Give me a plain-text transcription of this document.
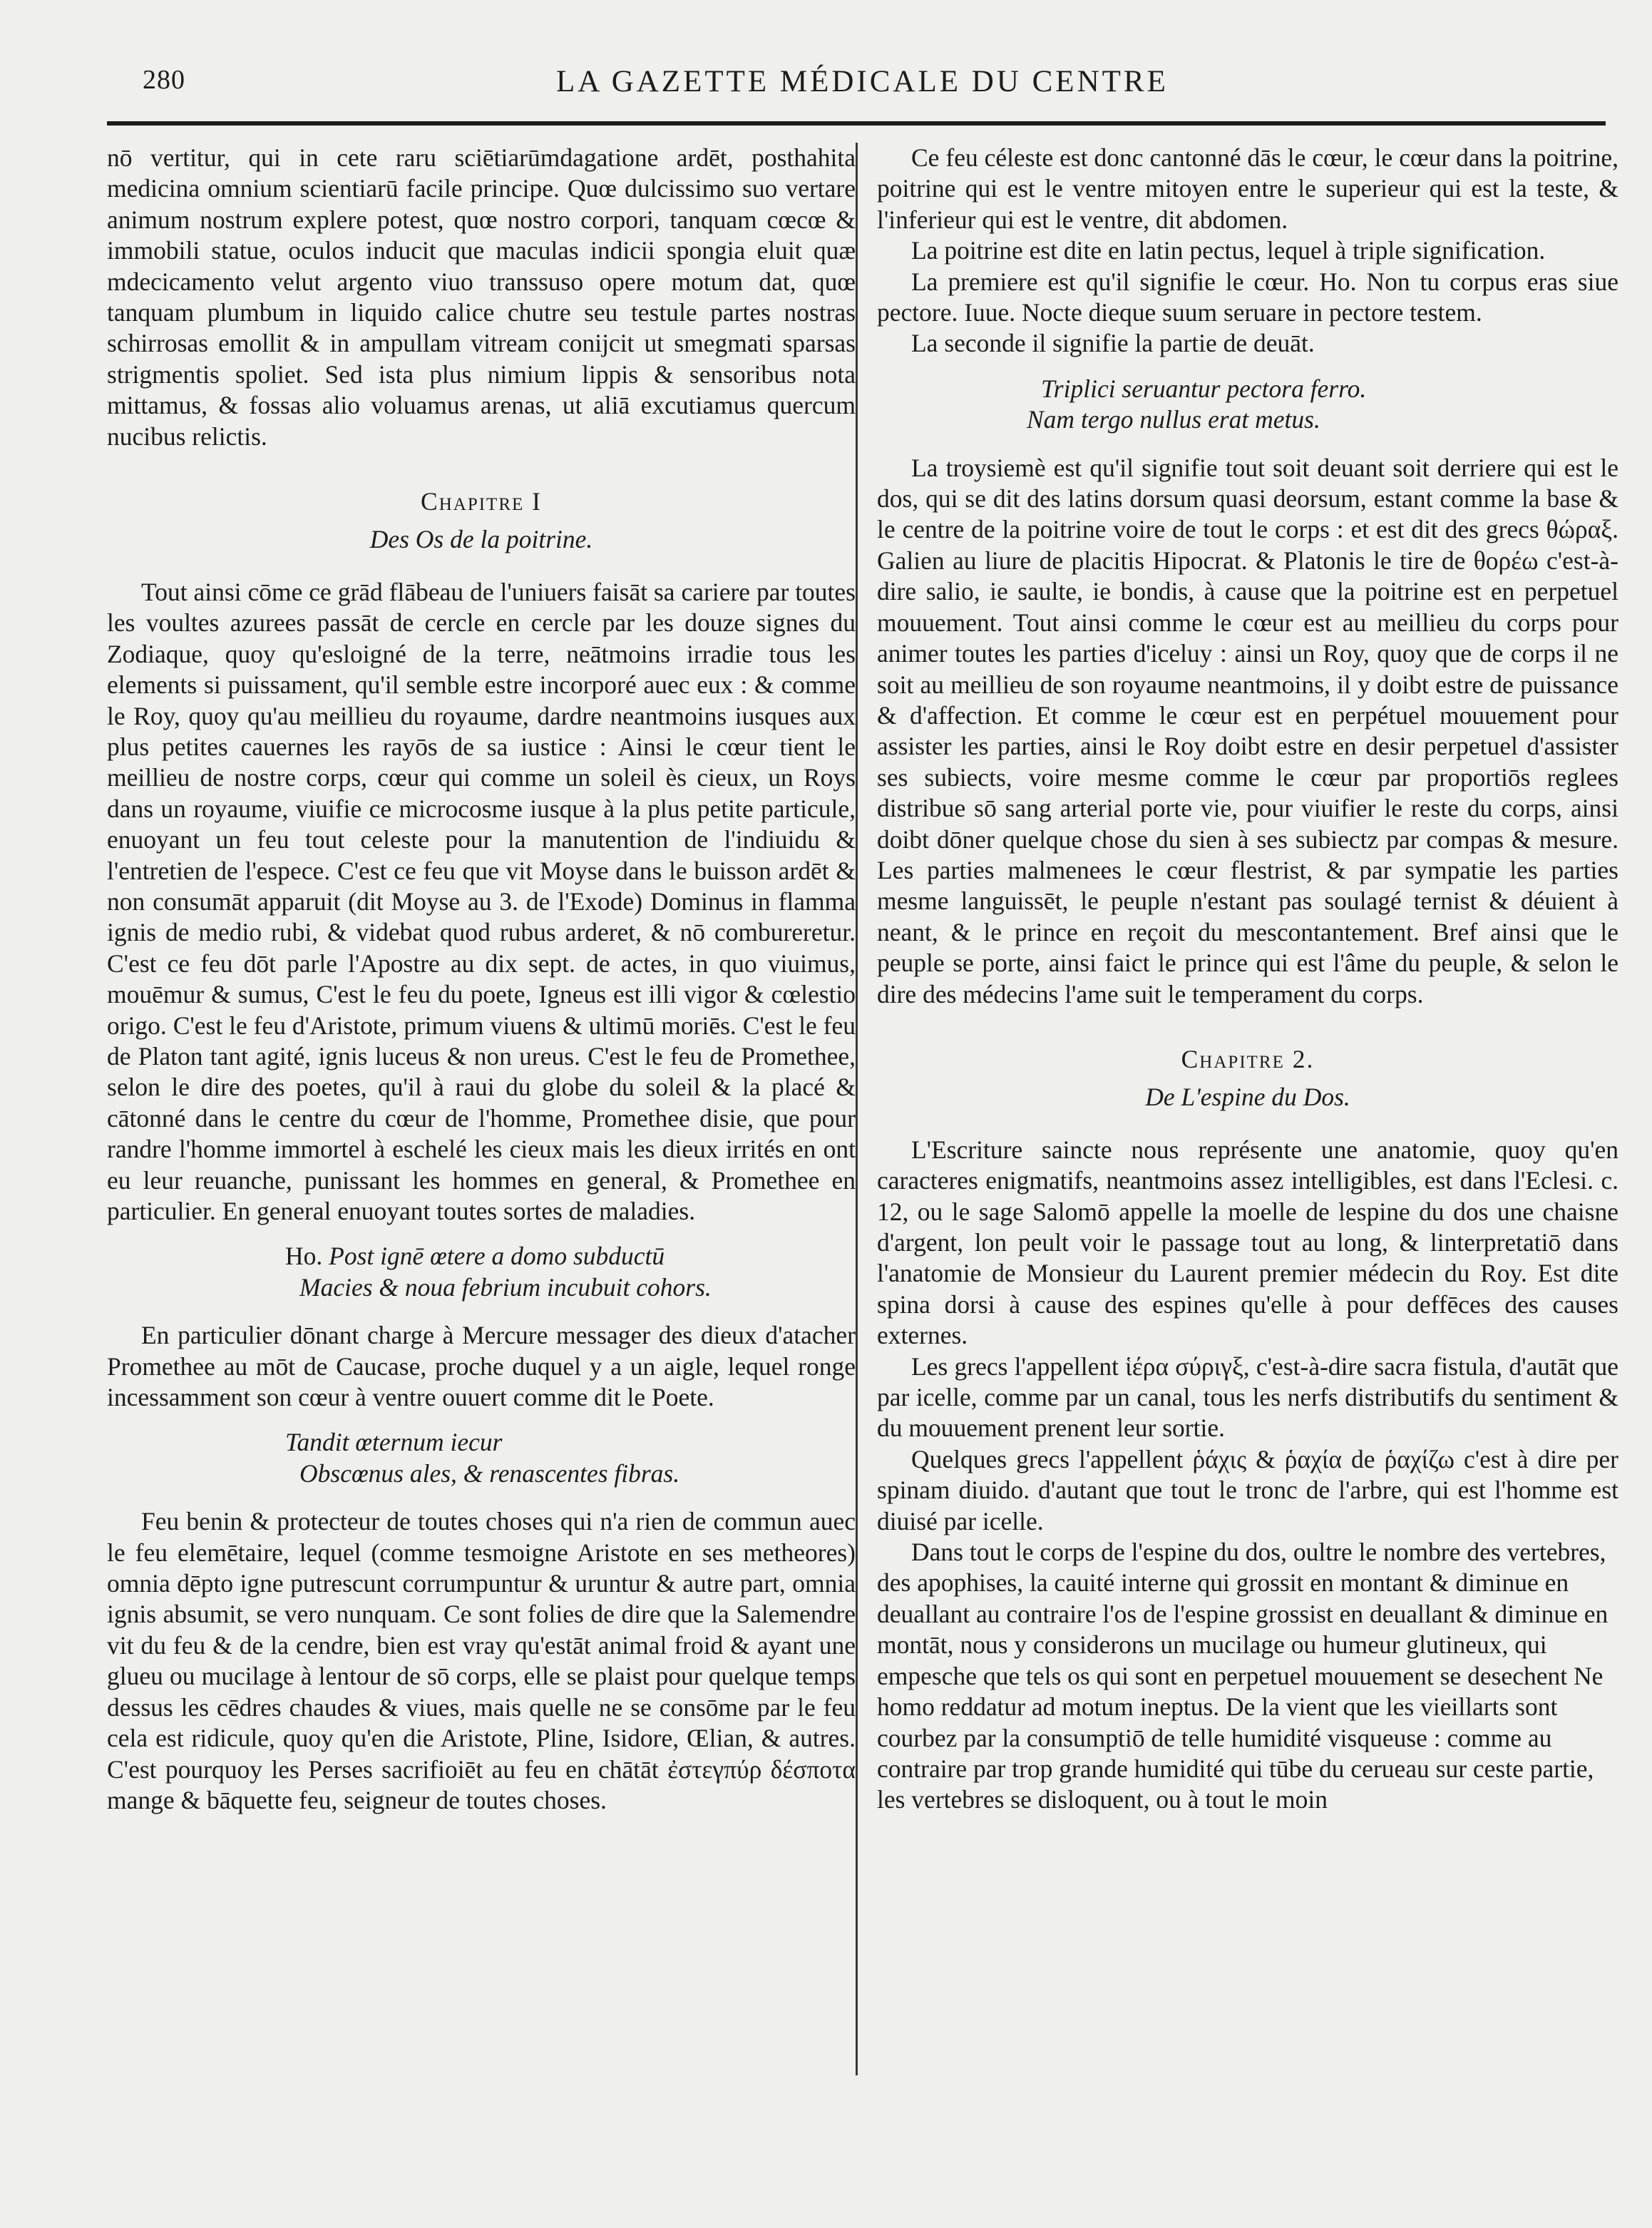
280	LA GAZETTE MÉDICALE DU CENTRE

nō vertitur, qui in cete raru sciētiarūmdagatione ardēt, posthahita medicina omnium scientiarū facile principe. Quœ dulcissimo suo vertare animum nostrum explere potest, quœ nostro corpori, tanquam cœcœ & immobili statue, oculos inducit que maculas indicii spongia eluit quæ mdecicamento velut argento viuo transsuso opere motum dat, quœ tanquam plumbum in liquido calice chutre seu testule partes nostras schirrosas emollit & in ampullam vitream conijcit ut smegmati sparsas strigmentis spoliet. Sed ista plus nimium lippis & sensoribus nota mittamus, & fossas alio voluamus arenas, ut aliā excutiamus quercum nucibus relictis.

Chapitre I
Des Os de la poitrine.

Tout ainsi cōme ce grād flābeau de l'uniuers faisāt sa cariere par toutes les voultes azurees passāt de cercle en cercle par les douze signes du Zodiaque, quoy qu'esloigné de la terre, neātmoins irradie tous les elements si puissament, qu'il semble estre incorporé auec eux : & comme le Roy, quoy qu'au meillieu du royaume, dardre neantmoins iusques aux plus petites cauernes les rayōs de sa iustice : Ainsi le cœur tient le meillieu de nostre corps, cœur qui comme un soleil ès cieux, un Roys dans un royaume, viuifie ce microcosme iusque à la plus petite particule, enuoyant un feu tout celeste pour la manutention de l'indiuidu & l'entretien de l'espece. C'est ce feu que vit Moyse dans le buisson ardēt & non consumāt apparuit (dit Moyse au 3. de l'Exode) Dominus in flamma ignis de medio rubi, & videbat quod rubus arderet, & nō combureretur. C'est ce feu dōt parle l'Apostre au dix sept. de actes, in quo viuimus, mouēmur & sumus, C'est le feu du poete, Igneus est illi vigor & cœlestio origo. C'est le feu d'Aristote, primum viuens & ultimū moriēs. C'est le feu de Platon tant agité, ignis luceus & non ureus. C'est le feu de Promethee, selon le dire des poetes, qu'il à raui du globe du soleil & la placé & cātonné dans le centre du cœur de l'homme, Promethee disie, que pour randre l'homme immortel à eschelé les cieux mais les dieux irrités en ont eu leur reuanche, punissant les hommes en general, & Promethee en particulier. En general enuoyant toutes sortes de maladies.

Ho. Post ignē œtere a domo subductū
Macies & noua febrium incubuit cohors.

En particulier dōnant charge à Mercure messager des dieux d'atacher Promethee au mōt de Caucase, proche duquel y a un aigle, lequel ronge incessamment son cœur à ventre ouuert comme dit le Poete.

Tandit œternum iecur
Obscœnus ales, & renascentes fibras.

Feu benin & protecteur de toutes choses qui n'a rien de commun auec le feu elemētaire, lequel (comme tesmoigne Aristote en ses metheores) omnia dēpto igne putrescunt corrumpuntur & uruntur & autre part, omnia ignis absumit, se vero nunquam. Ce sont folies de dire que la Salemendre vit du feu & de la cendre, bien est vray qu'estāt animal froid & ayant une glueu ou mucilage à lentour de sō corps, elle se plaist pour quelque temps dessus les cēdres chaudes & viues, mais quelle ne se consōme par le feu cela est ridicule, quoy qu'en die Aristote, Pline, Isidore, Œlian, & autres. C'est pourquoy les Perses sacrifioiēt au feu en chātāt ἐστεγπύρ δέσποτα mange & bāquette feu, seigneur de toutes choses.

Ce feu céleste est donc cantonné dās le cœur, le cœur dans la poitrine, poitrine qui est le ventre mitoyen entre le superieur qui est la teste, & l'inferieur qui est le ventre, dit abdomen.

La poitrine est dite en latin pectus, lequel à triple signification.

La premiere est qu'il signifie le cœur. Ho. Non tu corpus eras siue pectore. Iuue. Nocte dieque suum seruare in pectore testem.

La seconde il signifie la partie de deuāt.

Triplici seruantur pectora ferro.
Nam tergo nullus erat metus.

La troysiemè est qu'il signifie tout soit deuant soit derriere qui est le dos, qui se dit des latins dorsum quasi deorsum, estant comme la base & le centre de la poitrine voire de tout le corps : et est dit des grecs θώραξ. Galien au liure de placitis Hipocrat. & Platonis le tire de θορέω c'est-à-dire salio, ie saulte, ie bondis, à cause que la poitrine est en perpetuel mouuement. Tout ainsi comme le cœur est au meillieu du corps pour animer toutes les parties d'iceluy : ainsi un Roy, quoy que de corps il ne soit au meillieu de son royaume neantmoins, il y doibt estre de puissance & d'affection. Et comme le cœur est en perpétuel mouuement pour assister les parties, ainsi le Roy doibt estre en desir perpetuel d'assister ses subiects, voire mesme comme le cœur par proportiōs reglees distribue sō sang arterial porte vie, pour viuifier le reste du corps, ainsi doibt dōner quelque chose du sien à ses subiectz par compas & mesure. Les parties malmenees le cœur flestrist, & par sympatie les parties mesme languissēt, le peuple n'estant pas soulagé ternist & déuient à neant, & le prince en reçoit du mescontantement. Bref ainsi que le peuple se porte, ainsi faict le prince qui est l'âme du peuple, & selon le dire des médecins l'ame suit le temperament du corps.

Chapitre 2.
De L'espine du Dos.

L'Escriture saincte nous représente une anatomie, quoy qu'en caracteres enigmatifs, neantmoins assez intelligibles, est dans l'Eclesi. c. 12, ou le sage Salomō appelle la moelle de lespine du dos une chaisne d'argent, lon peult voir le passage tout au long, & linterpretatiō dans l'anatomie de Monsieur du Laurent premier médecin du Roy. Est dite spina dorsi à cause des espines qu'elle à pour deffēces des causes externes.

Les grecs l'appellent ἱέρα σύριγξ, c'est-à-dire sacra fistula, d'autāt que par icelle, comme par un canal, tous les nerfs distributifs du sentiment & du mouuement prenent leur sortie.

Quelques grecs l'appellent ῥάχις & ῥαχία de ῥαχίζω c'est à dire per spinam diuido. d'autant que tout le tronc de l'arbre, qui est l'homme est diuisé par icelle.

Dans tout le corps de l'espine du dos, oultre le nombre des vertebres, des apophises, la cauité interne qui grossit en montant & diminue en deuallant au contraire l'os de l'espine grossist en deuallant & diminue en montāt, nous y considerons un mucilage ou humeur glutineux, qui empesche que tels os qui sont en perpetuel mouuement se desechent Ne homo reddatur ad motum ineptus. De la vient que les vieillarts sont courbez par la consumptiō de telle humidité visqueuse : comme au contraire par trop grande humidité qui tūbe du cerueau sur ceste partie, les vertebres se disloquent, ou à tout le moin
